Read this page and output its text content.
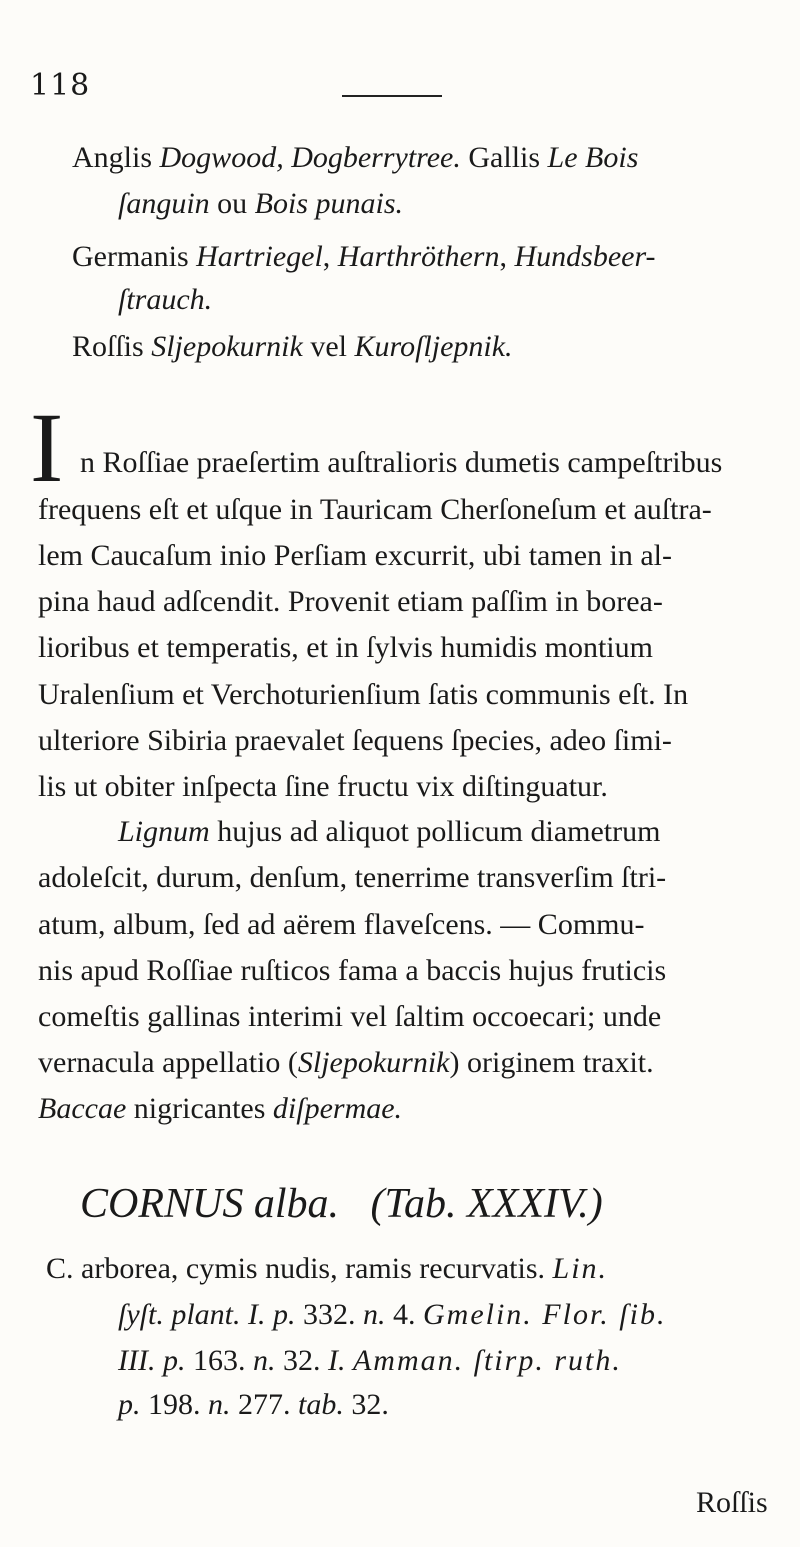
118
Anglis Dogwood, Dogberrytree. Gallis Le Bois
ſanguin ou Bois punais.
Germanis Hartriegel, Harthröthern, Hundsbeer-
ſtrauch.
Roſſis Sljepokurnik vel Kuroſljepnik.
I n Roſſiae praeſertim auſtralioris dumetis campeſtribus
frequens eſt et uſque in Tauricam Cherſoneſum et auſtra-
lem Caucaſum inio Perſiam excurrit, ubi tamen in al-
pina haud adſcendit. Provenit etiam paſſim in borea-
lioribus et temperatis, et in ſylvis humidis montium
Uralenſium et Verchoturienſium ſatis communis eſt. In
ulteriore Sibiria praevalet ſequens ſpecies, adeo ſimi-
lis ut obiter inſpecta ſine fructu vix diſtinguatur.
Lignum hujus ad aliquot pollicum diametrum
adoleſcit, durum, denſum, tenerrime transverſim ſtri-
atum, album, ſed ad aërem flaveſcens. — Commu-
nis apud Roſſiae ruſticos fama a baccis hujus fruticis
comeſtis gallinas interimi vel ſaltim occoecari; unde
vernacula appellatio (Sljepokurnik) originem traxit.
Baccae nigricantes diſpermae.
CORNUS alba. (Tab. XXXIV.)
C. arborea, cymis nudis, ramis recurvatis. Lin.
ſyſt. plant. I. p. 332. n. 4. Gmelin. Flor. ſib.
III. p. 163. n. 32. I. Amman. ſtirp. ruth.
p. 198. n. 277. tab. 32.
Roſſis
